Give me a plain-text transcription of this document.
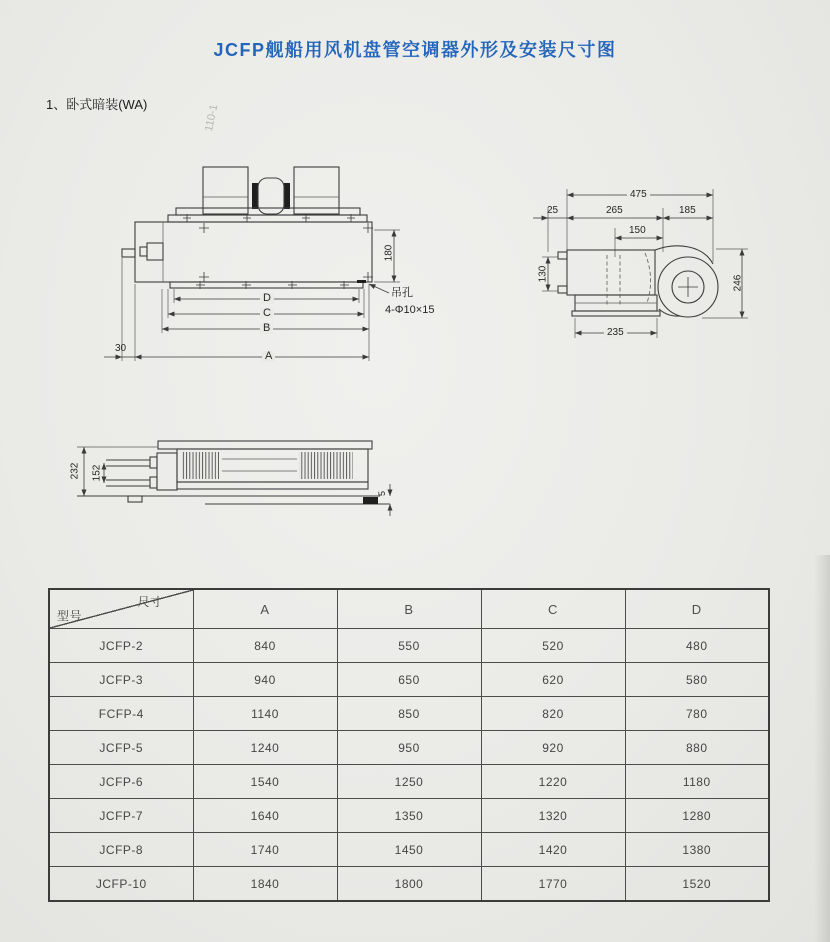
JCFP舰船用风机盘管空调器外形及安装尺寸图
1、卧式暗装(WA)	110-1
180
D
C
B
A
30
吊孔
4-Φ10×15
475
25	265	185
150
130
246
235
232 152
5
尺寸
型号	A	B	C	D
JCFP-2	840	550	520	480
JCFP-3	940	650	620	580
FCFP-4	1140	850	820	780
JCFP-5	1240	950	920	880
JCFP-6	1540	1250	1220	1180
JCFP-7	1640	1350	1320	1280
JCFP-8	1740	1450	1420	1380
JCFP-10	1840	1800	1770	1520
